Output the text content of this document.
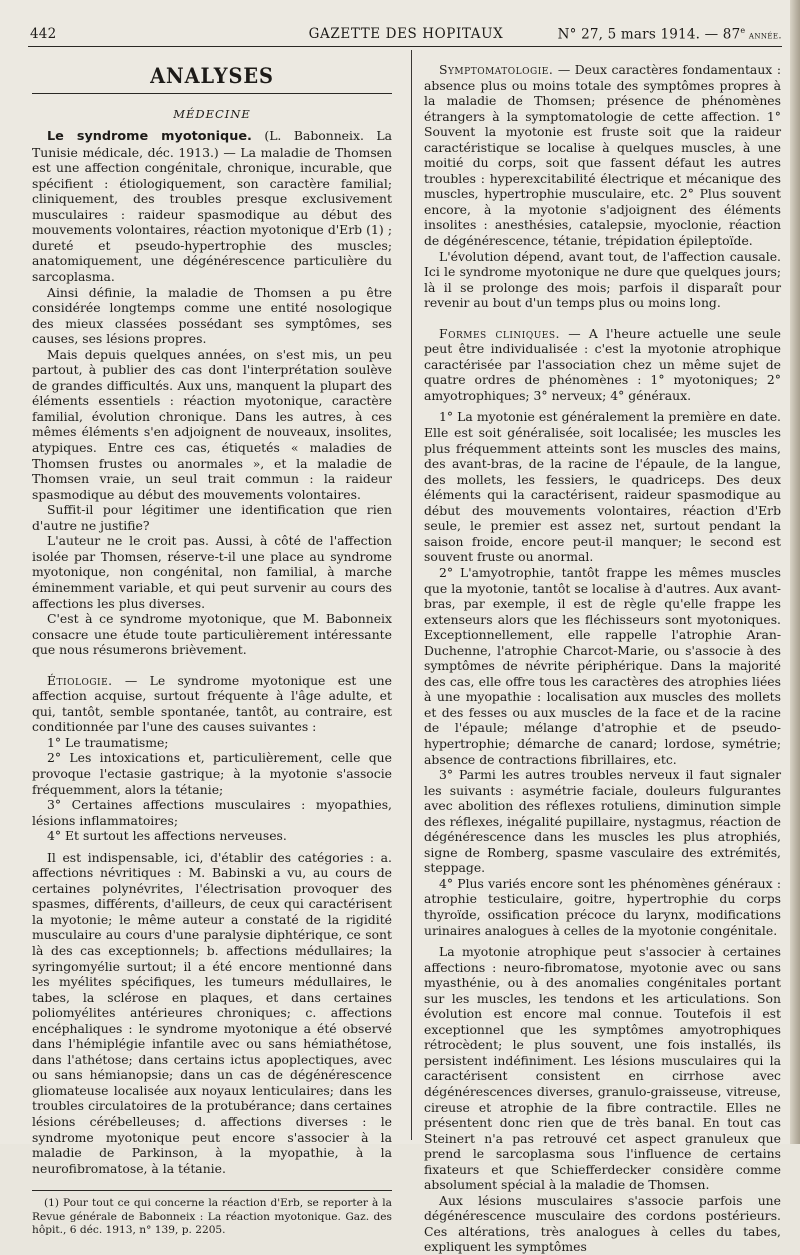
442	GAZETTE DES HOPITAUX	N° 27, 5 mars 1914. — 87e année.
ANALYSES
MÉDECINE

Le syndrome myotonique. (L. Babonneix. La Tunisie médicale, déc. 1913.) — La maladie de Thomsen est une affection congénitale, chronique, incurable, que spécifient : étiologiquement, son caractère familial; cliniquement, des troubles presque exclusivement musculaires : raideur spasmodique au début des mouvements volontaires, réaction myotonique d'Erb (1) ; dureté et pseudo-hypertrophie des muscles; anatomiquement, une dégénérescence particulière du sarcoplasma.

Ainsi définie, la maladie de Thomsen a pu être considérée longtemps comme une entité nosologique des mieux classées possédant ses symptômes, ses causes, ses lésions propres.

Mais depuis quelques années, on s'est mis, un peu partout, à publier des cas dont l'interprétation soulève de grandes difficultés. Aux uns, manquent la plupart des éléments essentiels : réaction myotonique, caractère familial, évolution chronique. Dans les autres, à ces mêmes éléments s'en adjoignent de nouveaux, insolites, atypiques. Entre ces cas, étiquetés « maladies de Thomsen frustes ou anormales », et la maladie de Thomsen vraie, un seul trait commun : la raideur spasmodique au début des mouvements volontaires.

Suffit-il pour légitimer une identification que rien d'autre ne justifie?

L'auteur ne le croit pas. Aussi, à côté de l'affection isolée par Thomsen, réserve-t-il une place au syndrome myotonique, non congénital, non familial, à marche éminemment variable, et qui peut survenir au cours des affections les plus diverses.

C'est à ce syndrome myotonique, que M. Babonneix consacre une étude toute particulièrement intéressante que nous résumerons brièvement.

Étiologie. — Le syndrome myotonique est une affection acquise, surtout fréquente à l'âge adulte, et qui, tantôt, semble spontanée, tantôt, au contraire, est conditionnée par l'une des causes suivantes :

1° Le traumatisme;

2° Les intoxications et, particulièrement, celle que provoque l'ectasie gastrique; à la myotonie s'associe fréquemment, alors la tétanie;

3° Certaines affections musculaires : myopathies, lésions inflammatoires;

4° Et surtout les affections nerveuses.

Il est indispensable, ici, d'établir des catégories : a. affections névritiques : M. Babinski a vu, au cours de certaines polynévrites, l'électrisation provoquer des spasmes, différents, d'ailleurs, de ceux qui caractérisent la myotonie; le même auteur a constaté de la rigidité musculaire au cours d'une paralysie diphtérique, ce sont là des cas exceptionnels; b. affections médullaires; la syringomyélie surtout; il a été encore mentionné dans les myélites spécifiques, les tumeurs médullaires, le tabes, la sclérose en plaques, et dans certaines poliomyélites antérieures chroniques; c. affections encéphaliques : le syndrome myotonique a été observé dans l'hémiplégie infantile avec ou sans hémiathétose, dans l'athétose; dans certains ictus apoplectiques, avec ou sans hémianopsie; dans un cas de dégénérescence gliomateuse localisée aux noyaux lenticulaires; dans les troubles circulatoires de la protubérance; dans certaines lésions cérébelleuses; d. affections diverses : le syndrome myotonique peut encore s'associer à la maladie de Parkinson, à la myopathie, à la neurofibromatose, à la tétanie.

(1) Pour tout ce qui concerne la réaction d'Erb, se reporter à la Revue générale de Babonneix : La réaction myotonique. Gaz. des hôpit., 6 déc. 1913, n° 139, p. 2205.

Symptomatologie. — Deux caractères fondamentaux : absence plus ou moins totale des symptômes propres à la maladie de Thomsen; présence de phénomènes étrangers à la symptomatologie de cette affection. 1° Souvent la myotonie est fruste soit que la raideur caractéristique se localise à quelques muscles, à une moitié du corps, soit que fassent défaut les autres troubles : hyperexcitabilité électrique et mécanique des muscles, hypertrophie musculaire, etc. 2° Plus souvent encore, à la myotonie s'adjoignent des éléments insolites : anesthésies, catalepsie, myoclonie, réaction de dégénérescence, tétanie, trépidation épileptoïde.

L'évolution dépend, avant tout, de l'affection causale. Ici le syndrome myotonique ne dure que quelques jours; là il se prolonge des mois; parfois il disparaît pour revenir au bout d'un temps plus ou moins long.

Formes cliniques. — A l'heure actuelle une seule peut être individualisée : c'est la myotonie atrophique caractérisée par l'association chez un même sujet de quatre ordres de phénomènes : 1° myotoniques; 2° amyotrophiques; 3° nerveux; 4° généraux.

1° La myotonie est généralement la première en date. Elle est soit généralisée, soit localisée; les muscles les plus fréquemment atteints sont les muscles des mains, des avant-bras, de la racine de l'épaule, de la langue, des mollets, les fessiers, le quadriceps. Des deux éléments qui la caractérisent, raideur spasmodique au début des mouvements volontaires, réaction d'Erb seule, le premier est assez net, surtout pendant la saison froide, encore peut-il manquer; le second est souvent fruste ou anormal.

2° L'amyotrophie, tantôt frappe les mêmes muscles que la myotonie, tantôt se localise à d'autres. Aux avant-bras, par exemple, il est de règle qu'elle frappe les extenseurs alors que les fléchisseurs sont myotoniques. Exceptionnellement, elle rappelle l'atrophie Aran-Duchenne, l'atrophie Charcot-Marie, ou s'associe à des symptômes de névrite périphérique. Dans la majorité des cas, elle offre tous les caractères des atrophies liées à une myopathie : localisation aux muscles des mollets et des fesses ou aux muscles de la face et de la racine de l'épaule; mélange d'atrophie et de pseudo-hypertrophie; démarche de canard; lordose, symétrie; absence de contractions fibrillaires, etc.

3° Parmi les autres troubles nerveux il faut signaler les suivants : asymétrie faciale, douleurs fulgurantes avec abolition des réflexes rotuliens, diminution simple des réflexes, inégalité pupillaire, nystagmus, réaction de dégénérescence dans les muscles les plus atrophiés, signe de Romberg, spasme vasculaire des extrémités, steppage.

4° Plus variés encore sont les phénomènes généraux : atrophie testiculaire, goitre, hypertrophie du corps thyroïde, ossification précoce du larynx, modifications urinaires analogues à celles de la myotonie congénitale.

La myotonie atrophique peut s'associer à certaines affections : neuro-fibromatose, myotonie avec ou sans myasthénie, ou à des anomalies congénitales portant sur les muscles, les tendons et les articulations. Son évolution est encore mal connue. Toutefois il est exceptionnel que les symptômes amyotrophiques rétrocèdent; le plus souvent, une fois installés, ils persistent indéfiniment. Les lésions musculaires qui la caractérisent consistent en cirrhose avec dégénérescences diverses, granulo-graisseuse, vitreuse, cireuse et atrophie de la fibre contractile. Elles ne présentent donc rien que de très banal. En tout cas Steinert n'a pas retrouvé cet aspect granuleux que prend le sarcoplasma sous l'influence de certains fixateurs et que Schiefferdecker considère comme absolument spécial à la maladie de Thomsen.

Aux lésions musculaires s'associe parfois une dégénérescence musculaire des cordons postérieurs. Ces altérations, très analogues à celles du tabes, expliquent les symptômes
